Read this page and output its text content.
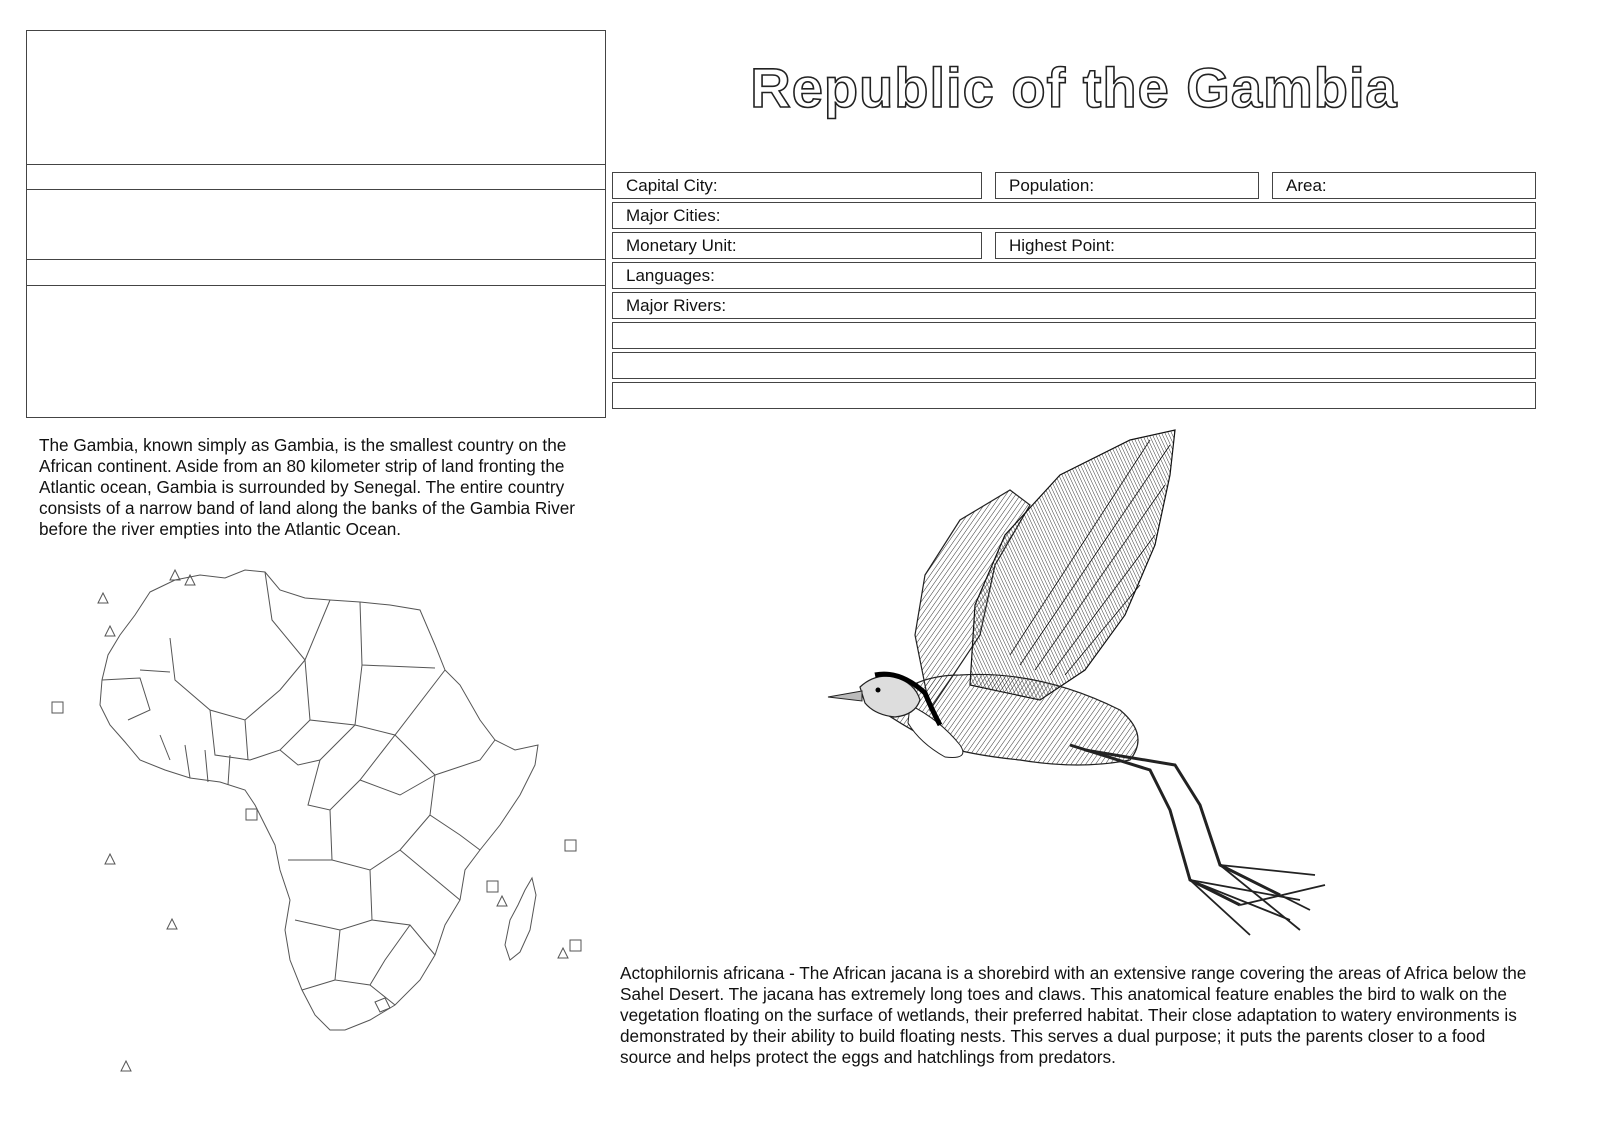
Republic of the Gambia
Capital City:	Population:	Area:
Major Cities:
Monetary Unit:	Highest Point:
Languages:
Major Rivers:

The Gambia, known simply as Gambia, is the smallest country on the African continent. Aside from an 80 kilometer strip of land fronting the Atlantic ocean, Gambia is surrounded by Senegal. The entire country consists of a narrow band of land along the banks of the Gambia River before the river empties into the Atlantic Ocean.

Actophilornis africana - The African jacana is a shorebird with an extensive range covering the areas of Africa below the Sahel Desert. The jacana has extremely long toes and claws. This anatomical feature enables the bird to walk on the vegetation floating on the surface of wetlands, their preferred habitat. Their close adaptation to watery environments is demonstrated by their ability to build floating nests. This serves a dual purpose; it puts the parents closer to a food source and helps protect the eggs and hatchlings from predators.
